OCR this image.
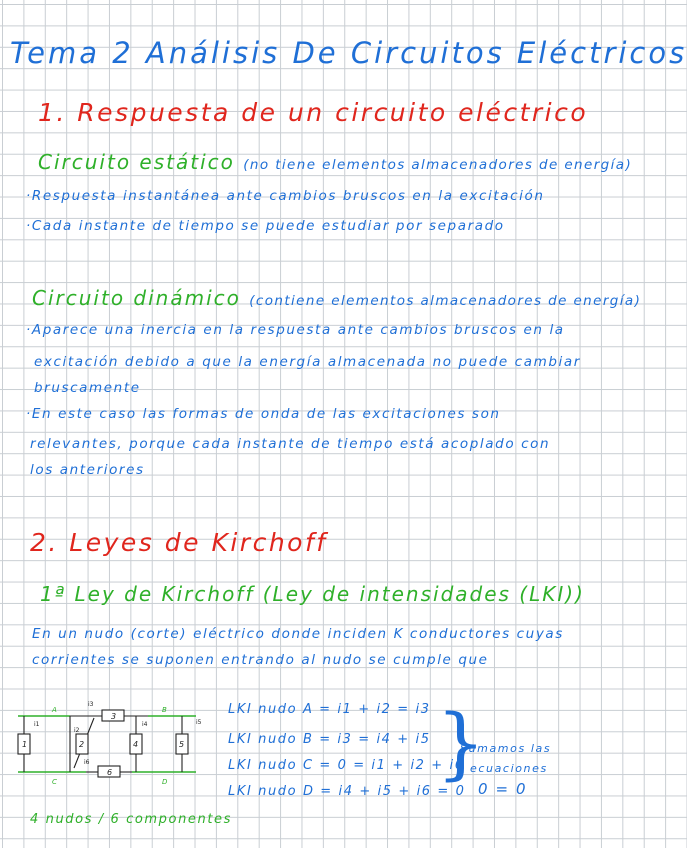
Tema 2 Análisis De Circuitos Eléctricos
1. Respuesta de un circuito eléctrico
Circuito estático (no tiene elementos almacenadores de energía)
·Respuesta instantánea ante cambios bruscos en la excitación
·Cada instante de tiempo se puede estudiar por separado
Circuito dinámico (contiene elementos almacenadores de energía)
·Aparece una inercia en la respuesta ante cambios bruscos en la
excitación debido a que la energía almacenada no puede cambiar
bruscamente
·En este caso las formas de onda de las excitaciones son
relevantes, porque cada instante de tiempo está acoplado con
los anteriores
2. Leyes de Kirchoff
1ª Ley de Kirchoff (Ley de intensidades (LKI))
En un nudo (corte) eléctrico donde inciden K conductores cuyas
corrientes se suponen entrando al nudo se cumple que
1	2
3
4	5
6
A	B
C	D
i1
i2
i3
i4	i5
i6
4 nudos / 6 componentes
LKI nudo A = i1 + i2 = i3
LKI nudo B = i3 = i4 + i5
LKI nudo C = 0 = i1 + i2 + i6
LKI nudo D = i4 + i5 + i6 = 0
}
Sumamos las
ecuaciones
0 = 0
